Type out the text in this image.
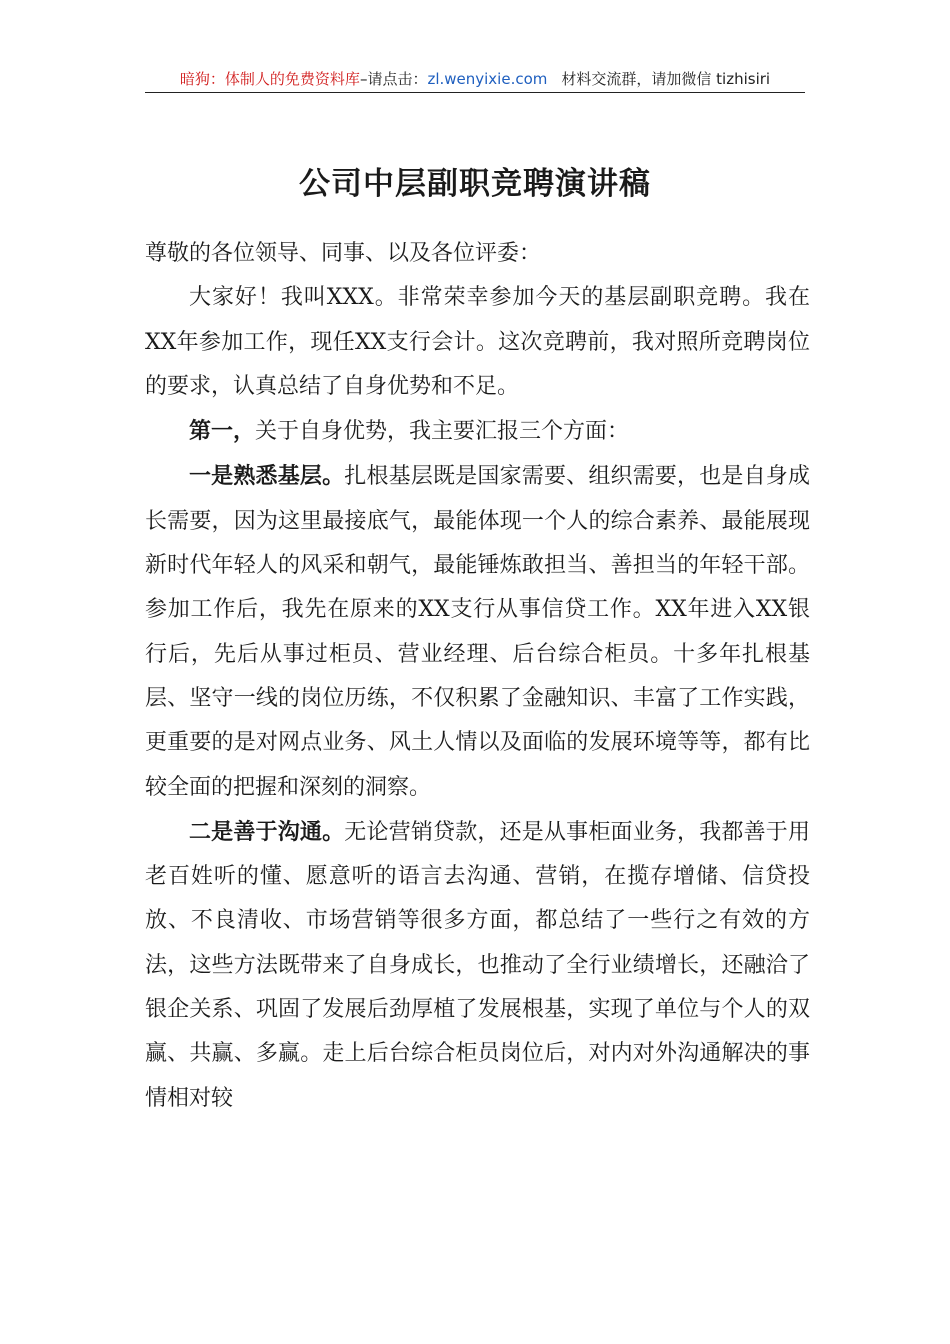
暗狗：体制人的免费资料库–请点击：zl.wenyixie.com 材料交流群，请加微信 tizhisiri
公司中层副职竞聘演讲稿

尊敬的各位领导、同事、以及各位评委：

大家好！我叫XXX。非常荣幸参加今天的基层副职竞聘。我在XX年参加工作，现任XX支行会计。这次竞聘前，我对照所竞聘岗位的要求，认真总结了自身优势和不足。

第一，关于自身优势，我主要汇报三个方面：

一是熟悉基层。扎根基层既是国家需要、组织需要，也是自身成长需要，因为这里最接底气，最能体现一个人的综合素养、最能展现新时代年轻人的风采和朝气，最能锤炼敢担当、善担当的年轻干部。参加工作后，我先在原来的XX支行从事信贷工作。XX年进入XX银行后，先后从事过柜员、营业经理、后台综合柜员。十多年扎根基层、坚守一线的岗位历练，不仅积累了金融知识、丰富了工作实践，更重要的是对网点业务、风土人情以及面临的发展环境等等，都有比较全面的把握和深刻的洞察。

二是善于沟通。无论营销贷款，还是从事柜面业务，我都善于用老百姓听的懂、愿意听的语言去沟通、营销，在揽存增储、信贷投放、不良清收、市场营销等很多方面，都总结了一些行之有效的方法，这些方法既带来了自身成长，也推动了全行业绩增长，还融洽了银企关系、巩固了发展后劲厚植了发展根基，实现了单位与个人的双赢、共赢、多赢。走上后台综合柜员岗位后，对内对外沟通解决的事情相对较
